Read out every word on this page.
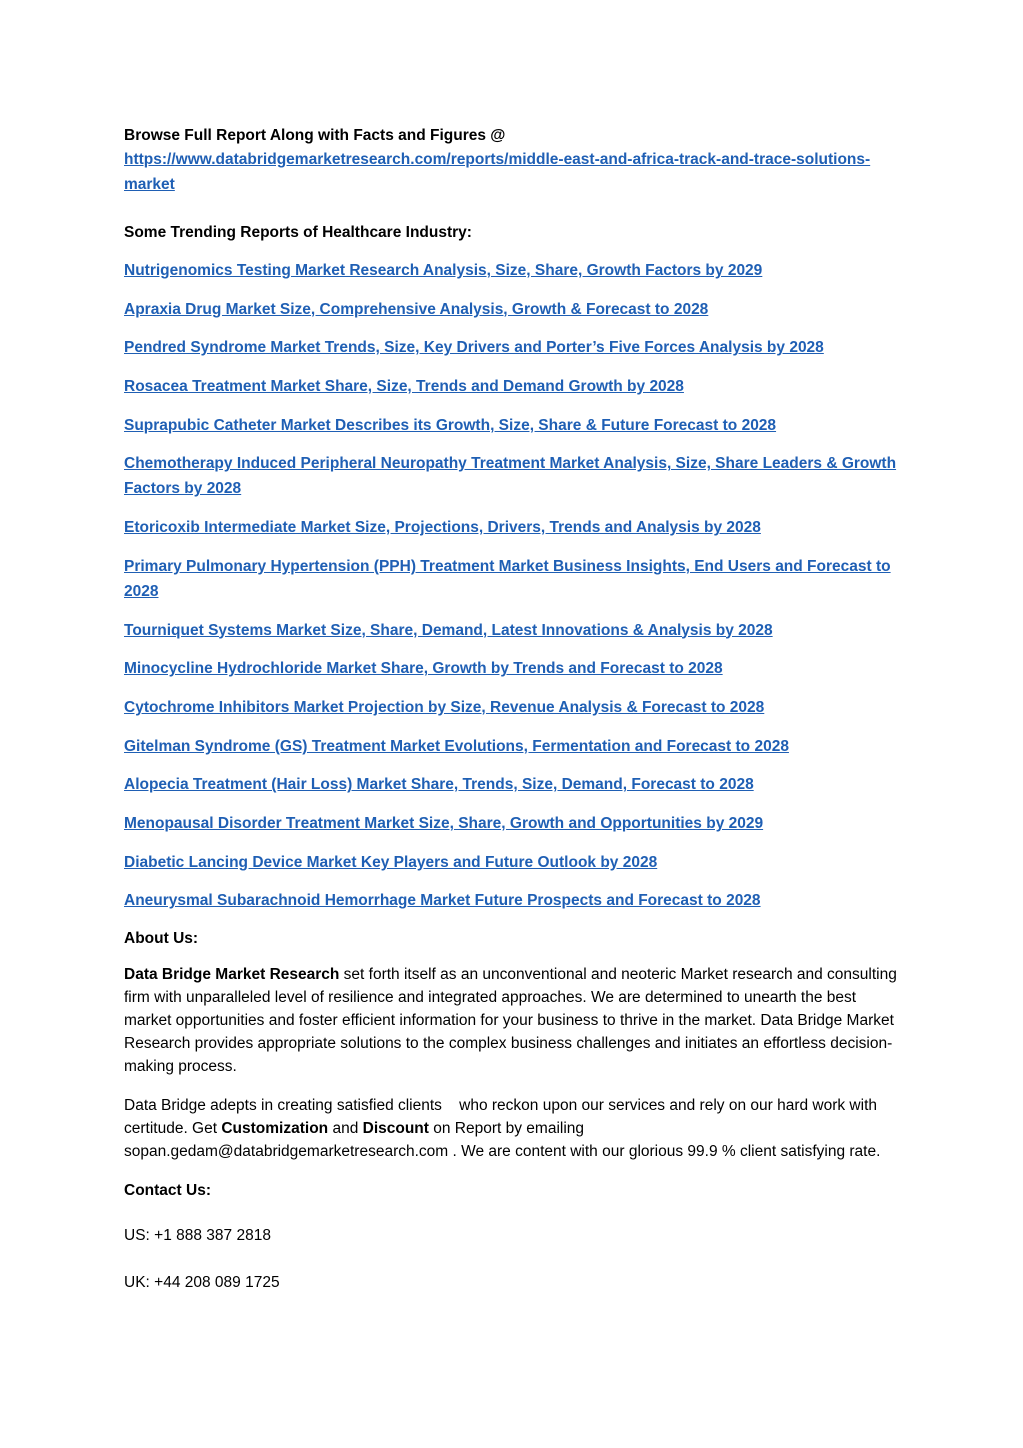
Browse Full Report Along with Facts and Figures @

https://www.databridgemarketresearch.com/reports/middle-east-and-africa-track-and-trace-solutions-market

Some Trending Reports of Healthcare Industry:

Nutrigenomics Testing Market Research Analysis, Size, Share, Growth Factors by 2029
Apraxia Drug Market Size, Comprehensive Analysis, Growth & Forecast to 2028
Pendred Syndrome Market Trends, Size, Key Drivers and Porter’s Five Forces Analysis by 2028
Rosacea Treatment Market Share, Size, Trends and Demand Growth by 2028
Suprapubic Catheter Market Describes its Growth, Size, Share & Future Forecast to 2028
Chemotherapy Induced Peripheral Neuropathy Treatment Market Analysis, Size, Share Leaders & Growth Factors by 2028
Etoricoxib Intermediate Market Size, Projections, Drivers, Trends and Analysis by 2028
Primary Pulmonary Hypertension (PPH) Treatment Market Business Insights, End Users and Forecast to 2028
Tourniquet Systems Market Size, Share, Demand, Latest Innovations & Analysis by 2028
Minocycline Hydrochloride Market Share, Growth by Trends and Forecast to 2028
Cytochrome Inhibitors Market Projection by Size, Revenue Analysis & Forecast to 2028
Gitelman Syndrome (GS) Treatment Market Evolutions, Fermentation and Forecast to 2028
Alopecia Treatment (Hair Loss) Market Share, Trends, Size, Demand, Forecast to 2028
Menopausal Disorder Treatment Market Size, Share, Growth and Opportunities by 2029
Diabetic Lancing Device Market Key Players and Future Outlook by 2028
Aneurysmal Subarachnoid Hemorrhage Market Future Prospects and Forecast to 2028

About Us:

Data Bridge Market Research set forth itself as an unconventional and neoteric Market research and consulting firm with unparalleled level of resilience and integrated approaches. We are determined to unearth the best market opportunities and foster efficient information for your business to thrive in the market. Data Bridge Market Research provides appropriate solutions to the complex business challenges and initiates an effortless decision-making process.

Data Bridge adepts in creating satisfied clients    who reckon upon our services and rely on our hard work with certitude. Get Customization and Discount on Report by emailing sopan.gedam@databridgemarketresearch.com . We are content with our glorious 99.9 % client satisfying rate.

Contact Us:

US: +1 888 387 2818

UK: +44 208 089 1725
